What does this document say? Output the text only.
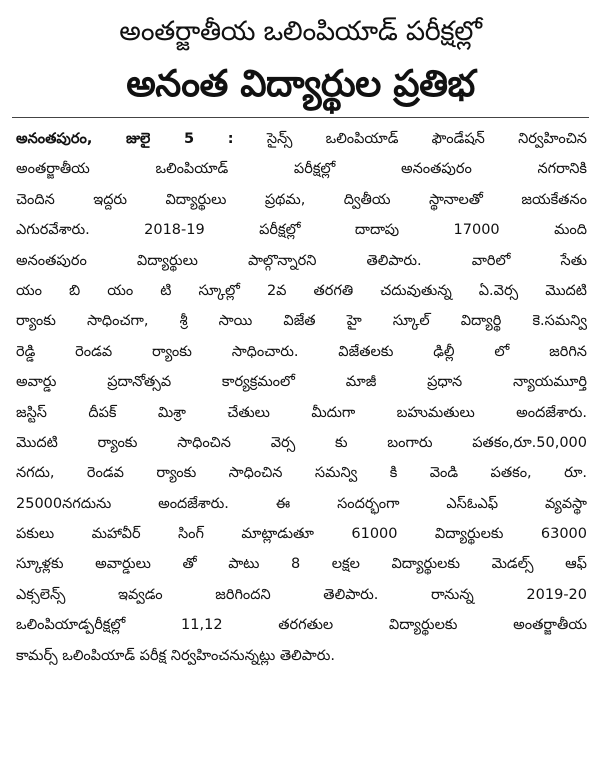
అంతర్జాతీయ ఒలింపియాడ్ పరీక్షల్లో
అనంత విద్యార్థుల ప్రతిభ
అనంతపురం, జులై 5 : సైన్స్ ఒలింపియాడ్ ఫౌండేషన్ నిర్వహించిన
అంతర్జాతీయ ఒలింపియాడ్ పరీక్షల్లో అనంతపురం నగరానికి
చెందిన ఇద్దరు విద్యార్థులు ప్రథమ, ద్వితీయ స్థానాలతో జయకేతనం
ఎగురవేశారు. 2018-19 పరీక్షల్లో దాదాపు 17000 మంది
అనంతపురం విద్యార్థులు పాల్గొన్నారని తెలిపారు. వారిలో సేతు
యం బి యం టి స్కూల్లో 2వ తరగతి చదువుతున్న ఏ.వెర్స మొదటి
ర్యాంకు సాధించగా, శ్రీ సాయి విజేత హై స్కూల్ విద్యార్థి కె.సమన్వి
రెడ్డి రెండవ ర్యాంకు సాధించారు. విజేతలకు ఢిల్లీ లో జరిగిన
అవార్డు ప్రదానోత్సవ కార్యక్రమంలో మాజీ ప్రధాన న్యాయమూర్తి
జస్టిస్ దీపక్ మిశ్రా చేతులు మీదుగా బహుమతులు అందజేశారు.
మొదటి ర్యాంకు సాధించిన వెర్స కు బంగారు పతకం,రూ.50,000
నగదు, రెండవ ర్యాంకు సాధించిన సమన్వి కి వెండి పతకం, రూ.
25000నగదును అందజేశారు. ఈ సందర్భంగా ఎస్ఓఎఫ్ వ్యవస్థా
పకులు మహావీర్ సింగ్ మాట్లాడుతూ 61000 విద్యార్థులకు 63000
స్కూళ్లకు అవార్డులు తో పాటు 8 లక్షల విద్యార్థులకు మెడల్స్ ఆఫ్
ఎక్సలెన్స్ ఇవ్వడం జరిగిందని తెలిపారు. రానున్న 2019-20
ఒలింపియాడ్పరీక్షల్లో 11,12 తరగతుల విద్యార్థులకు అంతర్జాతీయ
కామర్స్ ఒలింపియాడ్ పరీక్ష నిర్వహించనున్నట్లు తెలిపారు.
